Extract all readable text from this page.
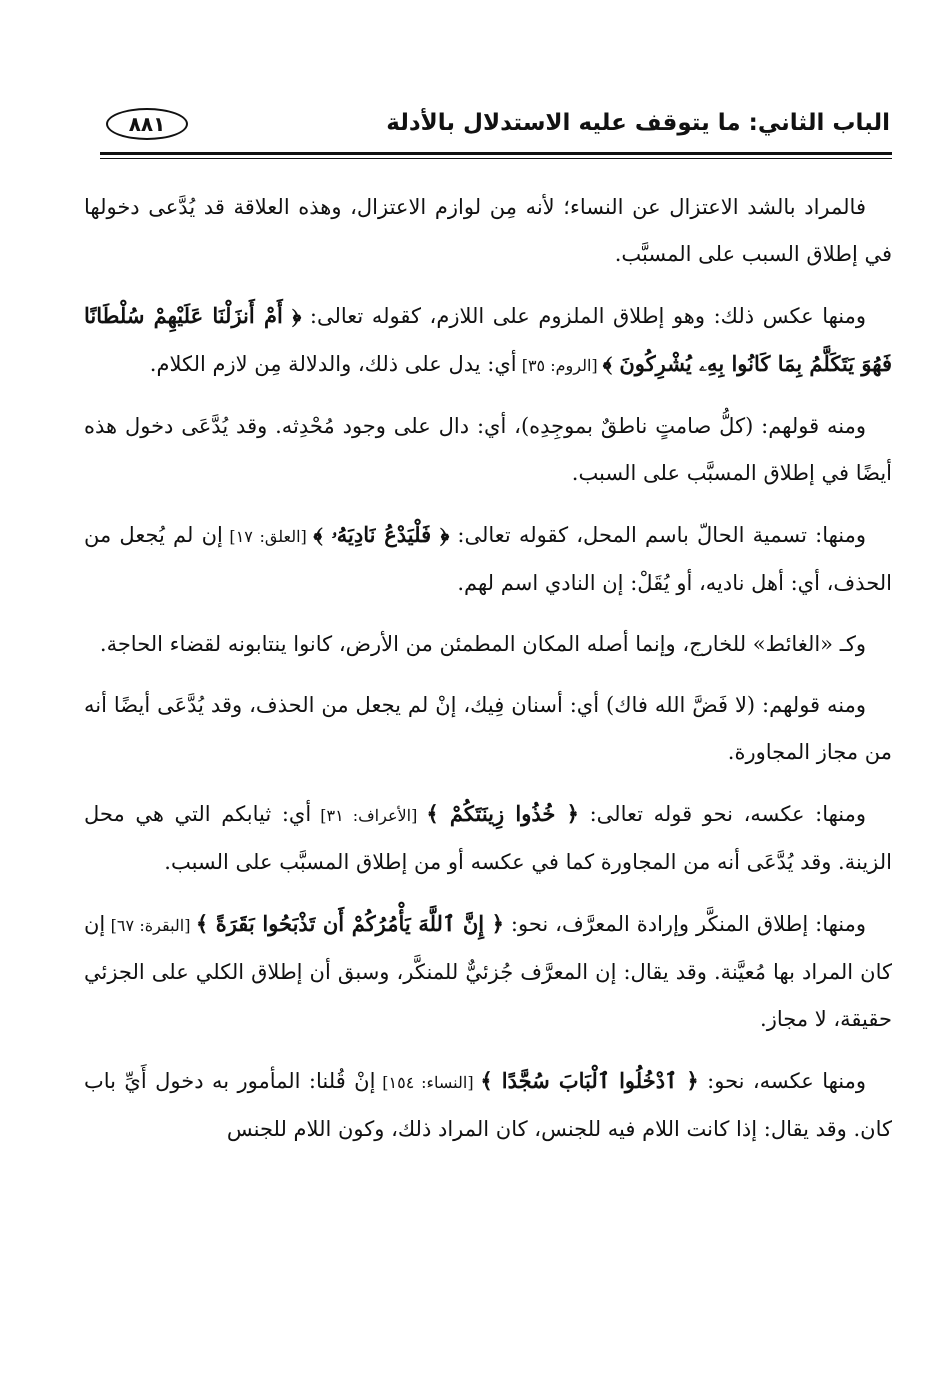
الباب الثاني: ما يتوقف عليه الاستدلال بالأدلة
٨٨١

فالمراد بالشد الاعتزال عن النساء؛ لأنه مِن لوازم الاعتزال، وهذه العلاقة قد يُدَّعى دخولها في إطلاق السبب على المسبَّب.

ومنها عكس ذلك: وهو إطلاق الملزوم على اللازم، كقوله تعالى: ﴿ أَمْ أَنزَلْنَا عَلَيْهِمْ سُلْطَانًا فَهُوَ يَتَكَلَّمُ بِمَا كَانُوا بِهِۦ يُشْرِكُونَ ﴾ [الروم: ٣٥] أي: يدل على ذلك، والدلالة مِن لازم الكلام.

ومنه قولهم: (كلُّ صامتٍ ناطقٌ بموجِدِه)، أي: دال على وجود مُحْدِثه. وقد يُدَّعَى دخول هذه أيضًا في إطلاق المسبَّب على السبب.

ومنها: تسمية الحالّ باسم المحل، كقوله تعالى: ﴿ فَلْيَدْعُ نَادِيَهُۥ ﴾ [العلق: ١٧] إن لم يُجعل من الحذف، أي: أهل ناديه، أو يُقَلْ: إن النادي اسم لهم.

وكـ «الغائط» للخارج، وإنما أصله المكان المطمئن من الأرض، كانوا ينتابونه لقضاء الحاجة.

ومنه قولهم: (لا فَضَّ الله فاك) أي: أسنان فِيك، إنْ لم يجعل من الحذف، وقد يُدَّعَى أيضًا أنه من مجاز المجاورة.

ومنها: عكسه، نحو قوله تعالى: ﴿ خُذُوا زِينَتَكُمْ ﴾ [الأعراف: ٣١] أي: ثيابكم التي هي محل الزينة. وقد يُدَّعَى أنه من المجاورة كما في عكسه أو من إطلاق المسبَّب على السبب.

ومنها: إطلاق المنكَّر وإرادة المعرَّف، نحو: ﴿ إِنَّ ٱللَّهَ يَأْمُرُكُمْ أَن تَذْبَحُوا بَقَرَةً ﴾ [البقرة: ٦٧] إن كان المراد بها مُعيَّنة. وقد يقال: إن المعرَّف جُزئيٌّ للمنكَّر، وسبق أن إطلاق الكلي على الجزئي حقيقة، لا مجاز.

ومنها عكسه، نحو: ﴿ ٱدْخُلُوا ٱلْبَابَ سُجَّدًا ﴾ [النساء: ١٥٤] إنْ قُلنا: المأمور به دخول أَيِّ باب كان. وقد يقال: إذا كانت اللام فيه للجنس، كان المراد ذلك، وكون اللام للجنس
